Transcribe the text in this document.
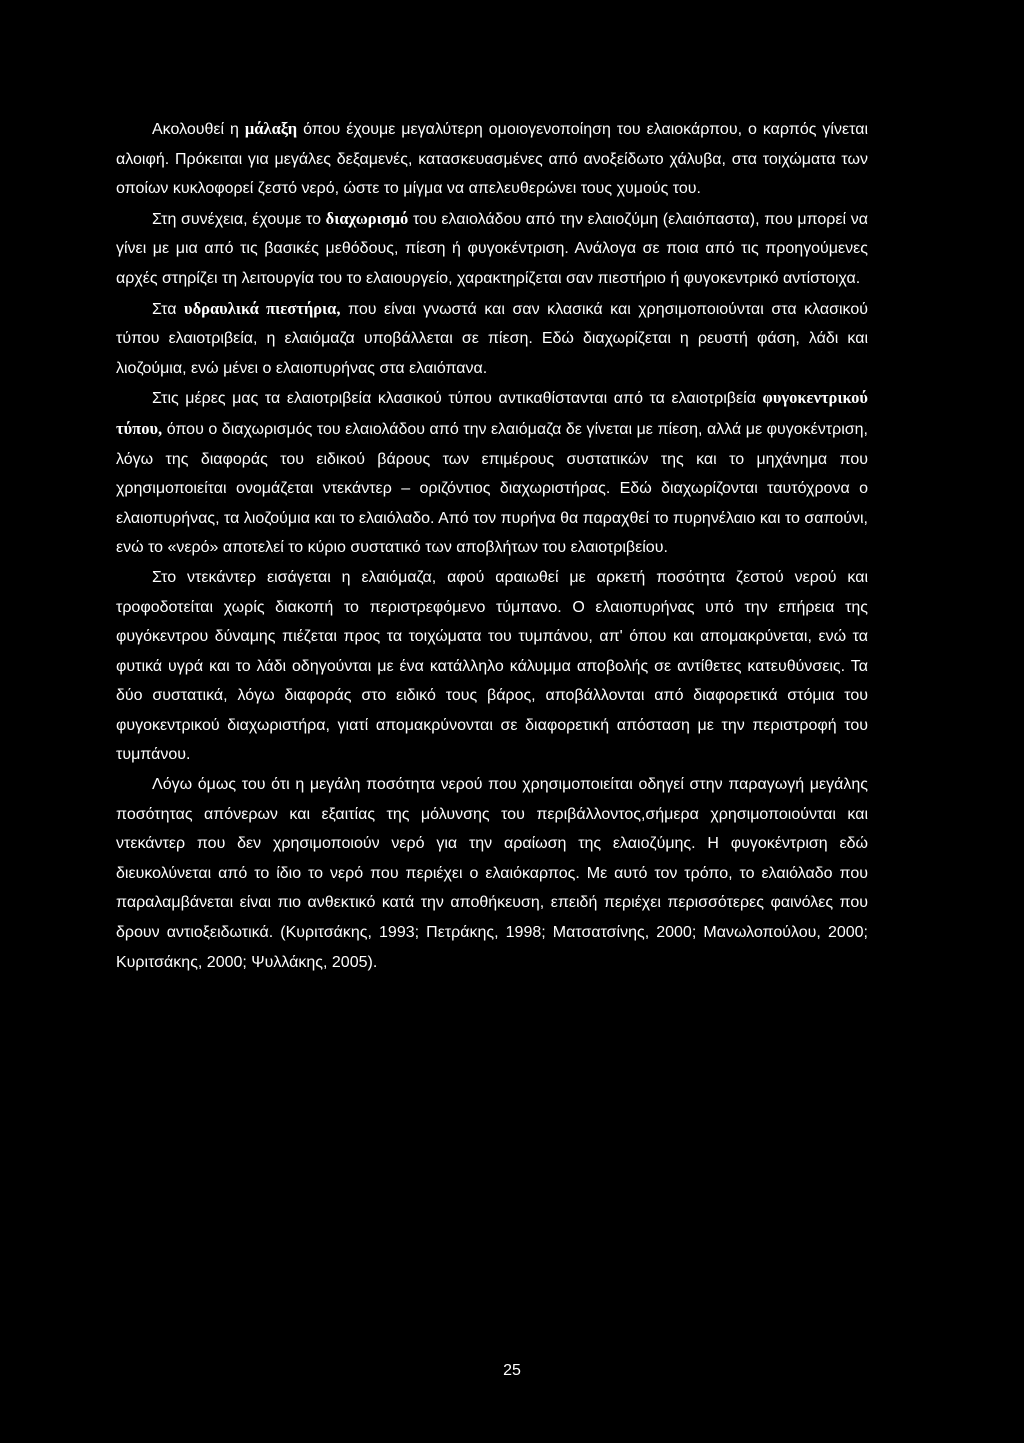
Ακολουθεί η μάλαξη όπου έχουμε μεγαλύτερη ομοιογενοποίηση του ελαιοκάρπου, ο καρπός γίνεται αλοιφή. Πρόκειται για μεγάλες δεξαμενές, κατασκευασμένες από ανοξείδωτο χάλυβα, στα τοιχώματα των οποίων κυκλοφορεί ζεστό νερό, ώστε το μίγμα να απελευθερώνει τους χυμούς του.

Στη συνέχεια, έχουμε το διαχωρισμό του ελαιολάδου από την ελαιοζύμη (ελαιόπαστα), που μπορεί να γίνει με μια από τις βασικές μεθόδους, πίεση ή φυγοκέντριση. Ανάλογα σε ποια από τις προηγούμενες αρχές στηρίζει τη λειτουργία του το ελαιουργείο, χαρακτηρίζεται σαν πιεστήριο ή φυγοκεντρικό αντίστοιχα.

Στα υδραυλικά πιεστήρια, που είναι γνωστά και σαν κλασικά και χρησιμοποιούνται στα κλασικού τύπου ελαιοτριβεία, η ελαιόμαζα υποβάλλεται σε πίεση. Εδώ διαχωρίζεται η ρευστή φάση, λάδι και λιοζούμια, ενώ μένει ο ελαιοπυρήνας στα ελαιόπανα.

Στις μέρες μας τα ελαιοτριβεία κλασικού τύπου αντικαθίστανται από τα ελαιοτριβεία φυγοκεντρικού τύπου, όπου ο διαχωρισμός του ελαιολάδου από την ελαιόμαζα δε γίνεται με πίεση, αλλά με φυγοκέντριση, λόγω της διαφοράς του ειδικού βάρους των επιμέρους συστατικών της και το μηχάνημα που χρησιμοποιείται ονομάζεται ντεκάντερ – οριζόντιος διαχωριστήρας. Εδώ διαχωρίζονται ταυτόχρονα ο ελαιοπυρήνας, τα λιοζούμια και το ελαιόλαδο. Από τον πυρήνα θα παραχθεί το πυρηνέλαιο και το σαπούνι, ενώ το «νερό» αποτελεί το κύριο συστατικό των αποβλήτων του ελαιοτριβείου.

Στο ντεκάντερ εισάγεται η ελαιόμαζα, αφού αραιωθεί με αρκετή ποσότητα ζεστού νερού και τροφοδοτείται χωρίς διακοπή το περιστρεφόμενο τύμπανο. Ο ελαιοπυρήνας υπό την επήρεια της φυγόκεντρου δύναμης πιέζεται προς τα τοιχώματα του τυμπάνου, απ' όπου και απομακρύνεται, ενώ τα φυτικά υγρά και το λάδι οδηγούνται με ένα κατάλληλο κάλυμμα αποβολής σε αντίθετες κατευθύνσεις. Τα δύο συστατικά, λόγω διαφοράς στο ειδικό τους βάρος, αποβάλλονται από διαφορετικά στόμια του φυγοκεντρικού διαχωριστήρα, γιατί απομακρύνονται σε διαφορετική απόσταση με την περιστροφή του τυμπάνου.

Λόγω όμως του ότι η μεγάλη ποσότητα νερού που χρησιμοποιείται οδηγεί στην παραγωγή μεγάλης ποσότητας απόνερων και εξαιτίας της μόλυνσης του περιβάλλοντος,σήμερα χρησιμοποιούνται και ντεκάντερ που δεν χρησιμοποιούν νερό για την αραίωση της ελαιοζύμης. Η φυγοκέντριση εδώ διευκολύνεται από το ίδιο το νερό που περιέχει ο ελαιόκαρπος. Με αυτό τον τρόπο, το ελαιόλαδο που παραλαμβάνεται είναι πιο ανθεκτικό κατά την αποθήκευση, επειδή περιέχει περισσότερες φαινόλες που δρουν αντιοξειδωτικά. (Κυριτσάκης, 1993; Πετράκης, 1998; Ματσατσίνης, 2000; Μανωλοπούλου, 2000; Κυριτσάκης, 2000; Ψυλλάκης, 2005).

25
